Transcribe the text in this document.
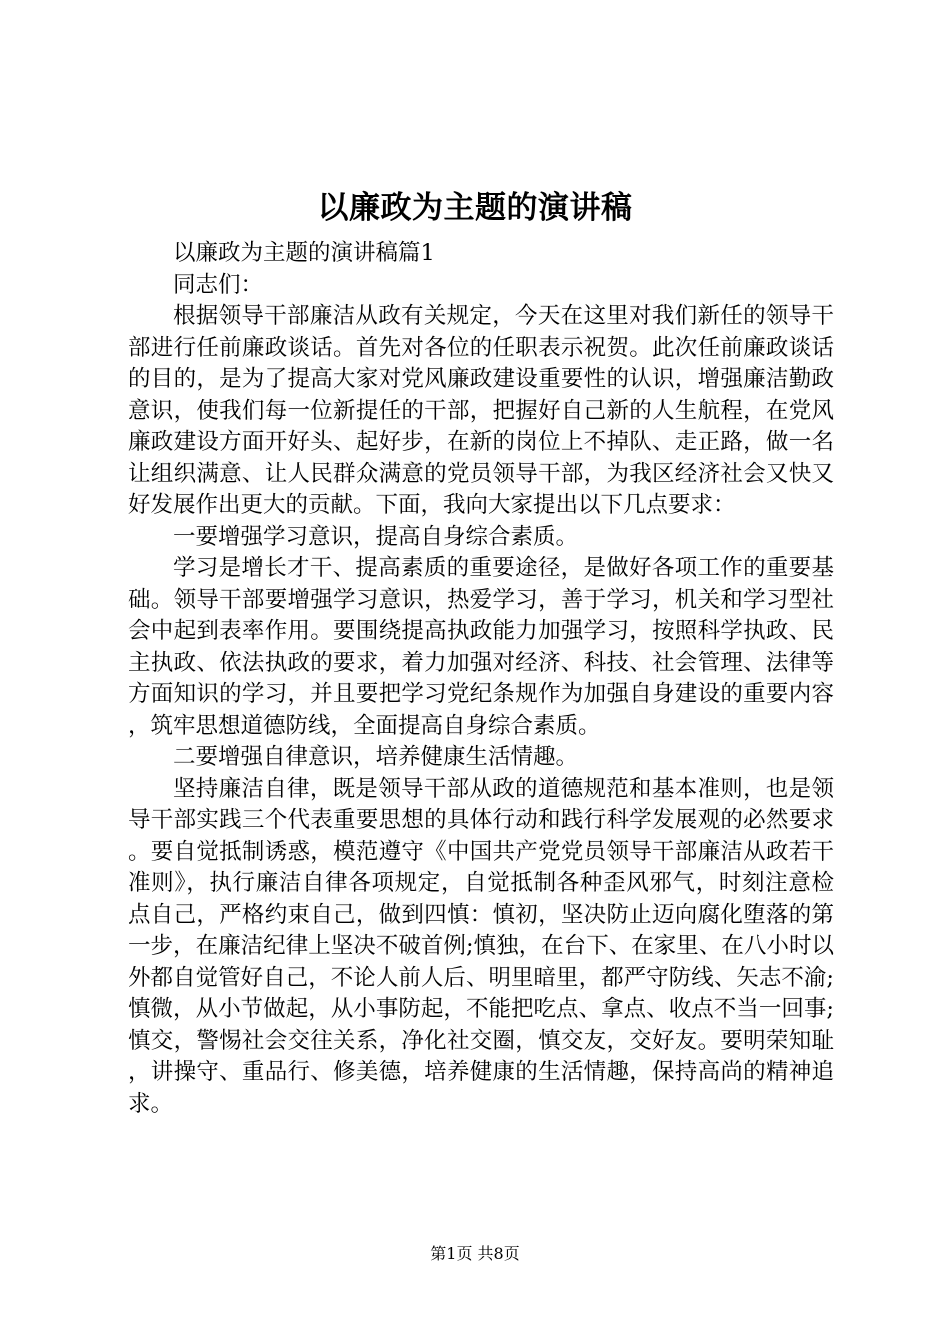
以廉政为主题的演讲稿

以廉政为主题的演讲稿篇1

同志们：

根据领导干部廉洁从政有关规定，今天在这里对我们新任的领导干部进行任前廉政谈话。首先对各位的任职表示祝贺。此次任前廉政谈话的目的，是为了提高大家对党风廉政建设重要性的认识，增强廉洁勤政意识，使我们每一位新提任的干部，把握好自己新的人生航程，在党风廉政建设方面开好头、起好步，在新的岗位上不掉队、走正路，做一名让组织满意、让人民群众满意的党员领导干部，为我区经济社会又快又好发展作出更大的贡献。下面，我向大家提出以下几点要求：

一要增强学习意识，提高自身综合素质。

学习是增长才干、提高素质的重要途径，是做好各项工作的重要基础。领导干部要增强学习意识，热爱学习，善于学习，机关和学习型社会中起到表率作用。要围绕提高执政能力加强学习，按照科学执政、民主执政、依法执政的要求，着力加强对经济、科技、社会管理、法律等方面知识的学习，并且要把学习党纪条规作为加强自身建设的重要内容，筑牢思想道德防线，全面提高自身综合素质。

二要增强自律意识，培养健康生活情趣。

坚持廉洁自律，既是领导干部从政的道德规范和基本准则，也是领导干部实践三个代表重要思想的具体行动和践行科学发展观的必然要求。要自觉抵制诱惑，模范遵守《中国共产党党员领导干部廉洁从政若干准则》，执行廉洁自律各项规定，自觉抵制各种歪风邪气，时刻注意检点自己，严格约束自己，做到四慎：慎初，坚决防止迈向腐化堕落的第一步，在廉洁纪律上坚决不破首例;慎独，在台下、在家里、在八小时以外都自觉管好自己，不论人前人后、明里暗里，都严守防线、矢志不渝;慎微，从小节做起，从小事防起，不能把吃点、拿点、收点不当一回事;慎交，警惕社会交往关系，净化社交圈，慎交友，交好友。要明荣知耻，讲操守、重品行、修美德，培养健康的生活情趣，保持高尚的精神追求。

第1页 共8页
